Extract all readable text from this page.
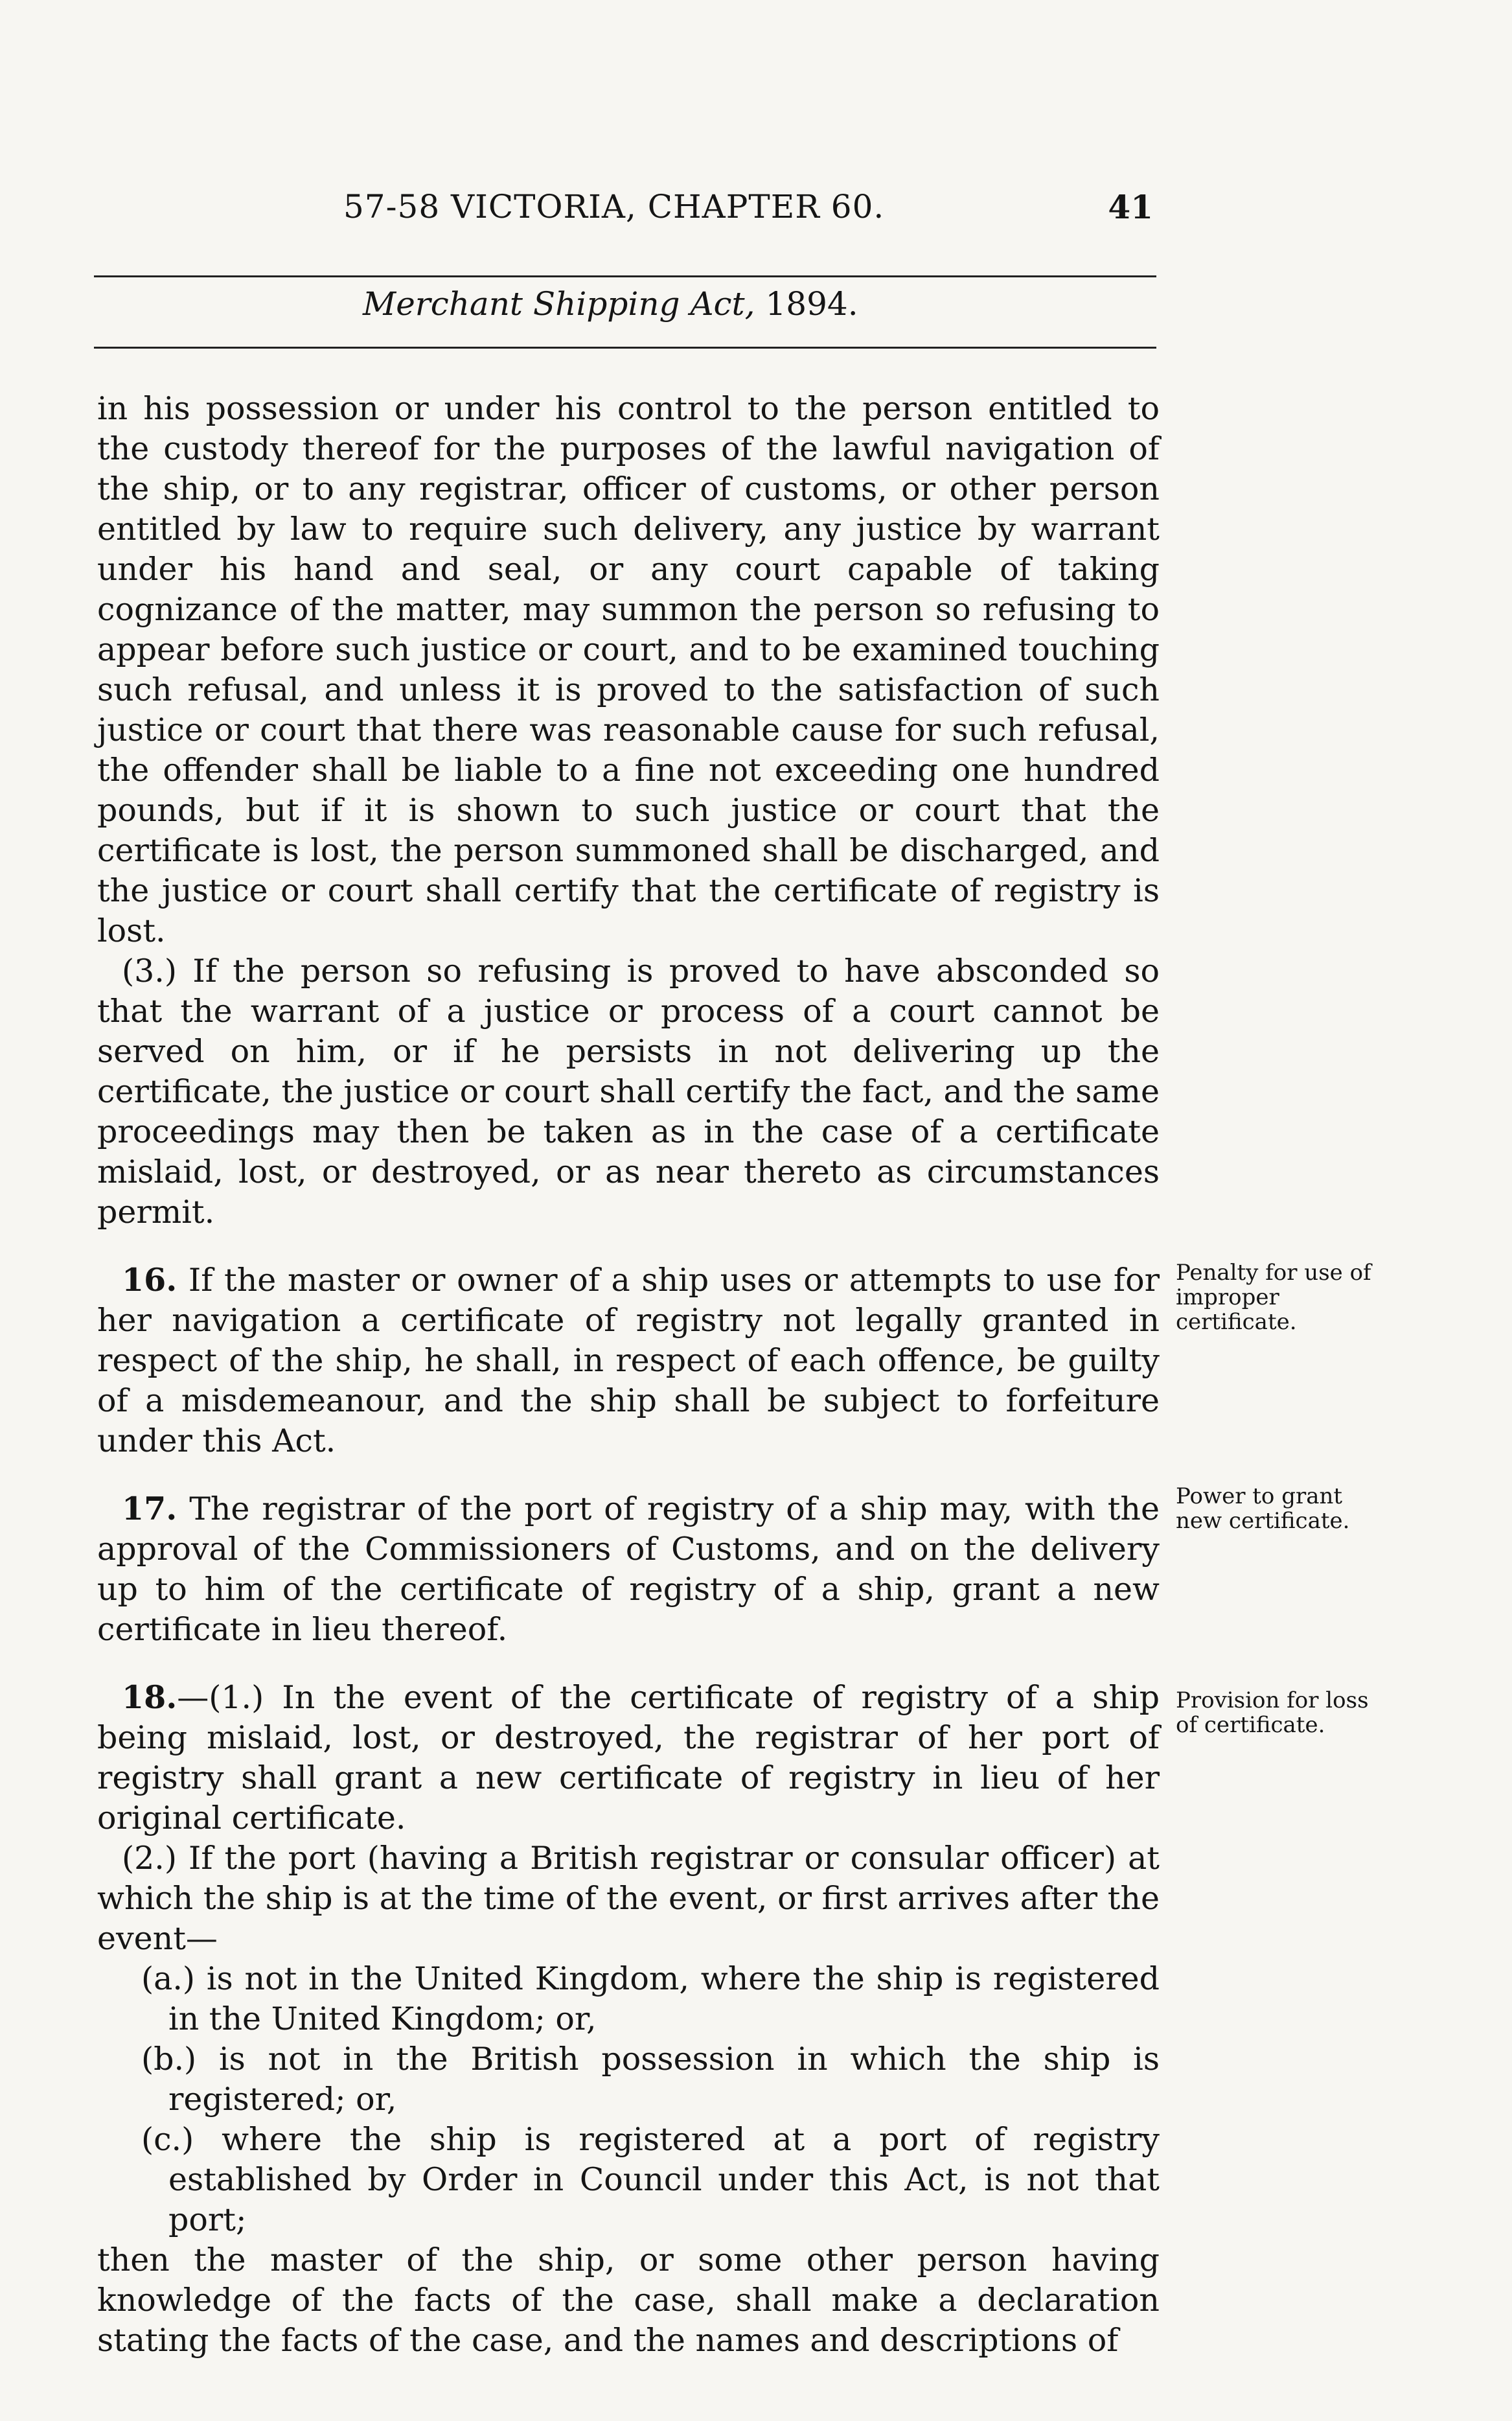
57-58 VICTORIA, CHAPTER 60.	41
Merchant Shipping Act, 1894.

in his possession or under his control to the person entitled to the custody thereof for the purposes of the lawful navigation of the ship, or to any registrar, officer of customs, or other person entitled by law to require such delivery, any justice by warrant under his hand and seal, or any court capable of taking cognizance of the matter, may summon the person so refusing to appear before such justice or court, and to be examined touching such refusal, and unless it is proved to the satisfaction of such justice or court that there was reasonable cause for such refusal, the offender shall be liable to a fine not exceeding one hundred pounds, but if it is shown to such justice or court that the certificate is lost, the person summoned shall be discharged, and the justice or court shall certify that the certificate of registry is lost.

(3.) If the person so refusing is proved to have absconded so that the warrant of a justice or process of a court cannot be served on him, or if he persists in not delivering up the certificate, the justice or court shall certify the fact, and the same proceedings may then be taken as in the case of a certificate mislaid, lost, or destroyed, or as near thereto as circumstances permit.

16. If the master or owner of a ship uses or attempts to use for her navigation a certificate of registry not legally granted in respect of the ship, he shall, in respect of each offence, be guilty of a misdemeanour, and the ship shall be subject to forfeiture under this Act.

17. The registrar of the port of registry of a ship may, with the approval of the Commissioners of Customs, and on the delivery up to him of the certificate of registry of a ship, grant a new certificate in lieu thereof.

18.—(1.) In the event of the certificate of registry of a ship being mislaid, lost, or destroyed, the registrar of her port of registry shall grant a new certificate of registry in lieu of her original certificate.

(2.) If the port (having a British registrar or consular officer) at which the ship is at the time of the event, or first arrives after the event—

(a.) is not in the United Kingdom, where the ship is registered in the United Kingdom; or,

(b.) is not in the British possession in which the ship is registered; or,

(c.) where the ship is registered at a port of registry established by Order in Council under this Act, is not that port;

then the master of the ship, or some other person having knowledge of the facts of the case, shall make a declaration stating the facts of the case, and the names and descriptions of

Penalty for use of improper certificate.
Power to grant new certificate.
Provision for loss of certificate.
